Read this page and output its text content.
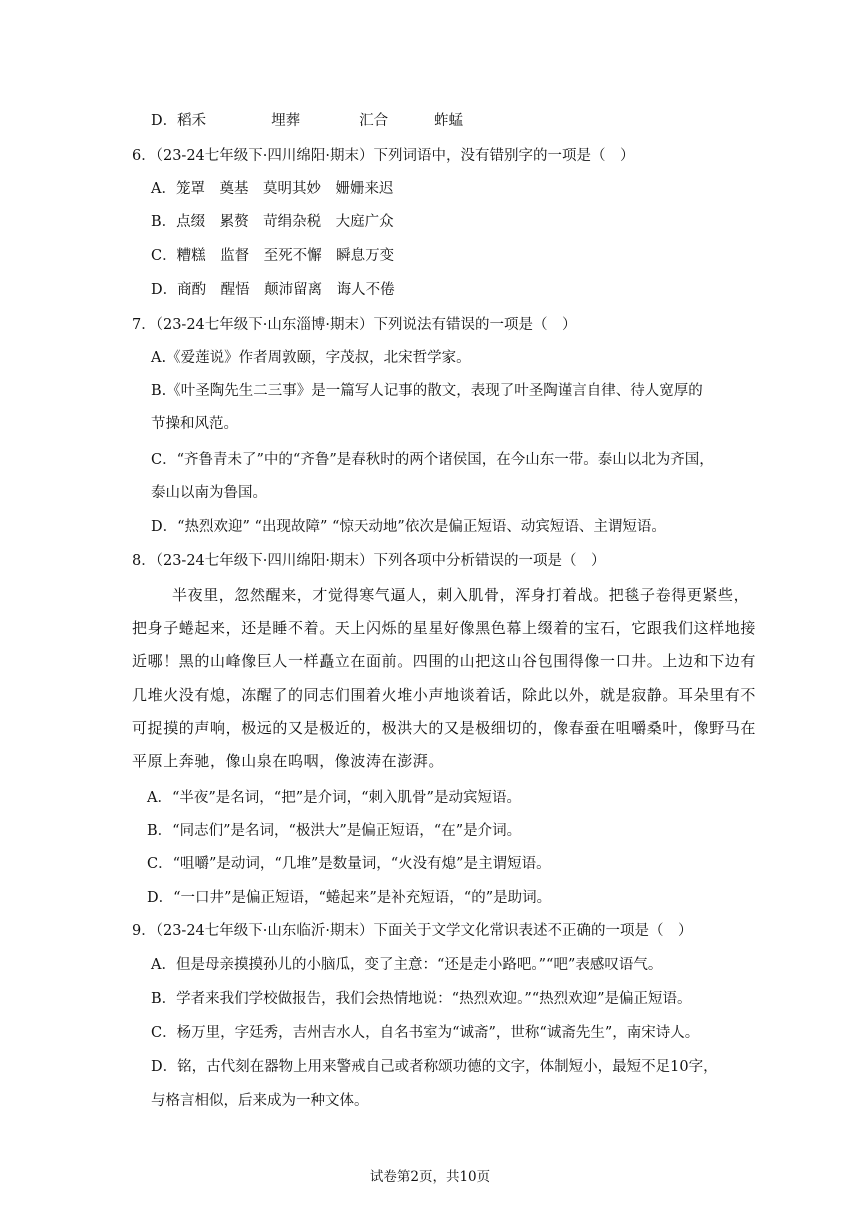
D．稻禾	埋葬	汇合	蚱蜢
6．（23-24七年级下·四川绵阳·期末）下列词语中，没有错别字的一项是（　）
A．笼罩　奠基　莫明其妙　姗姗来迟
B．点缀　累赘　苛绢杂税　大庭广众
C．糟糕　监督　至死不懈　瞬息万变
D．商酌　醒悟　颠沛留离　诲人不倦
7．（23-24七年级下·山东淄博·期末）下列说法有错误的一项是（　）
A.《爱莲说》作者周敦颐，字茂叔，北宋哲学家。
B.《叶圣陶先生二三事》是一篇写人记事的散文，表现了叶圣陶谨言自律、待人宽厚的
节操和风范。
C．“齐鲁青未了”中的“齐鲁”是春秋时的两个诸侯国，在今山东一带。泰山以北为齐国，
泰山以南为鲁国。
D．“热烈欢迎” “出现故障” “惊天动地”依次是偏正短语、动宾短语、主谓短语。
8．（23-24七年级下·四川绵阳·期末）下列各项中分析错误的一项是（　）
半夜里，忽然醒来，才觉得寒气逼人，刺入肌骨，浑身打着战。把毯子卷得更紧些，
把身子蜷起来，还是睡不着。天上闪烁的星星好像黑色幕上缀着的宝石，它跟我们这样地接
近哪！黑的山峰像巨人一样矗立在面前。四围的山把这山谷包围得像一口井。上边和下边有
几堆火没有熄，冻醒了的同志们围着火堆小声地谈着话，除此以外，就是寂静。耳朵里有不
可捉摸的声响，极远的又是极近的，极洪大的又是极细切的，像春蚕在咀嚼桑叶，像野马在
平原上奔驰，像山泉在呜咽，像波涛在澎湃。
A．“半夜”是名词，“把”是介词，“刺入肌骨”是动宾短语。
B．“同志们”是名词，“极洪大”是偏正短语，“在”是介词。
C．“咀嚼”是动词，“几堆”是数量词，“火没有熄”是主谓短语。
D．“一口井”是偏正短语，“蜷起来”是补充短语，“的”是助词。
9．（23-24七年级下·山东临沂·期末）下面关于文学文化常识表述不正确的一项是（　）
A．但是母亲摸摸孙儿的小脑瓜，变了主意：“还是走小路吧。”“吧”表感叹语气。
B．学者来我们学校做报告，我们会热情地说：“热烈欢迎。”“热烈欢迎”是偏正短语。
C．杨万里，字廷秀，吉州吉水人，自名书室为“诚斋”，世称“诚斋先生”，南宋诗人。
D．铭，古代刻在器物上用来警戒自己或者称颂功德的文字，体制短小，最短不足10字，
与格言相似，后来成为一种文体。
试卷第2页，共10页
